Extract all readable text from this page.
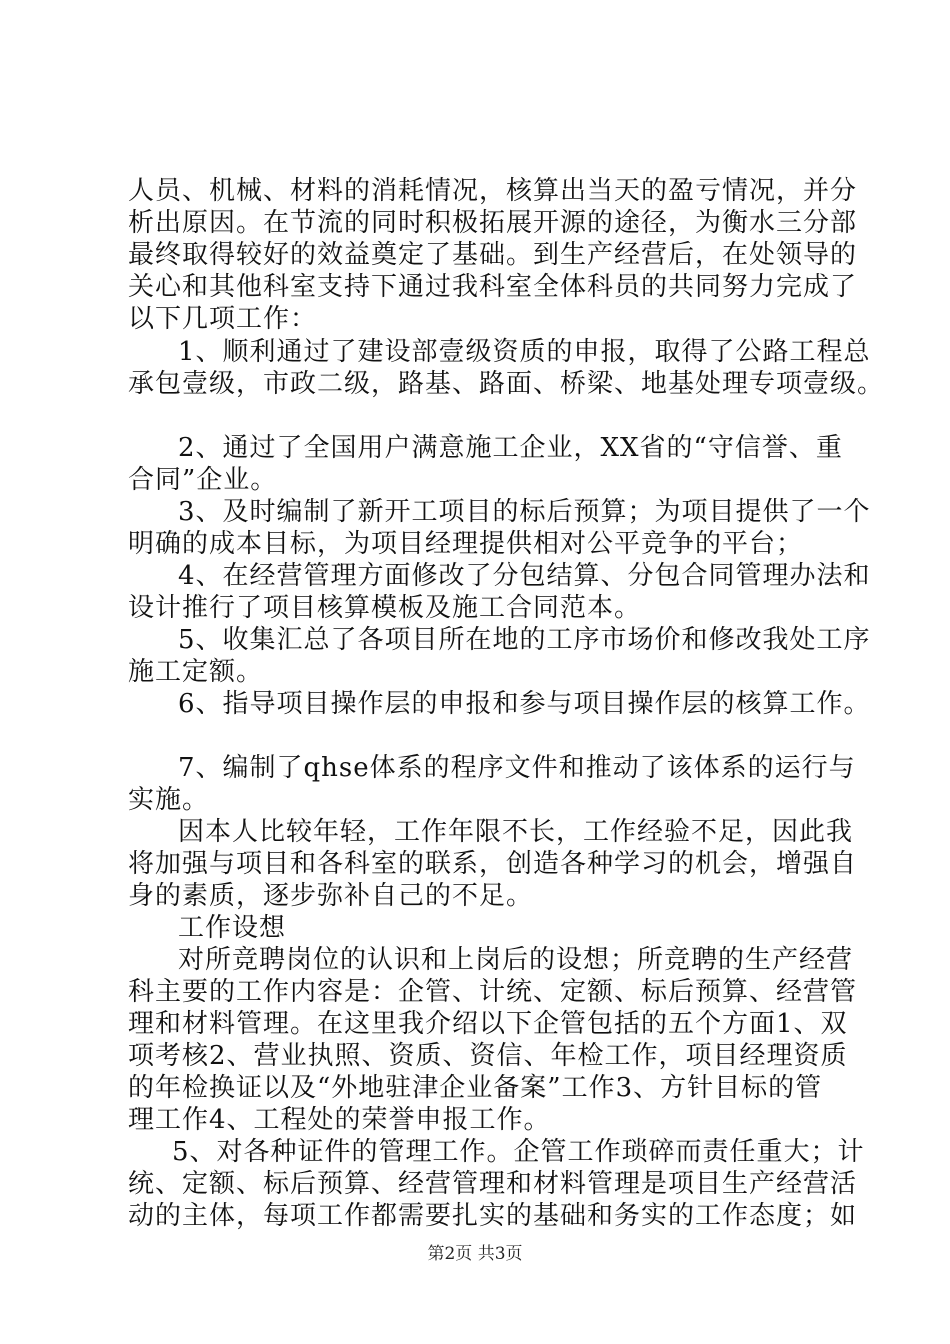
人员、机械、材料的消耗情况，核算出当天的盈亏情况，并分
析出原因。在节流的同时积极拓展开源的途径，为衡水三分部
最终取得较好的效益奠定了基础。到生产经营后，在处领导的
关心和其他科室支持下通过我科室全体科员的共同努力完成了
以下几项工作：
1、顺利通过了建设部壹级资质的申报，取得了公路工程总
承包壹级，市政二级，路基、路面、桥梁、地基处理专项壹级。
2、通过了全国用户满意施工企业，XX省的“守信誉、重
合同”企业。
3、及时编制了新开工项目的标后预算；为项目提供了一个
明确的成本目标，为项目经理提供相对公平竞争的平台；
4、在经营管理方面修改了分包结算、分包合同管理办法和
设计推行了项目核算模板及施工合同范本。
5、收集汇总了各项目所在地的工序市场价和修改我处工序
施工定额。
6、指导项目操作层的申报和参与项目操作层的核算工作。
7、编制了qhse体系的程序文件和推动了该体系的运行与
实施。
因本人比较年轻，工作年限不长，工作经验不足，因此我
将加强与项目和各科室的联系，创造各种学习的机会，增强自
身的素质，逐步弥补自己的不足。
工作设想
对所竞聘岗位的认识和上岗后的设想；所竞聘的生产经营
科主要的工作内容是：企管、计统、定额、标后预算、经营管
理和材料管理。在这里我介绍以下企管包括的五个方面1、双
项考核2、营业执照、资质、资信、年检工作，项目经理资质
的年检换证以及“外地驻津企业备案”工作3、方针目标的管
理工作4、工程处的荣誉申报工作。
5、对各种证件的管理工作。企管工作琐碎而责任重大；计
统、定额、标后预算、经营管理和材料管理是项目生产经营活
动的主体，每项工作都需要扎实的基础和务实的工作态度；如
第2页 共3页
